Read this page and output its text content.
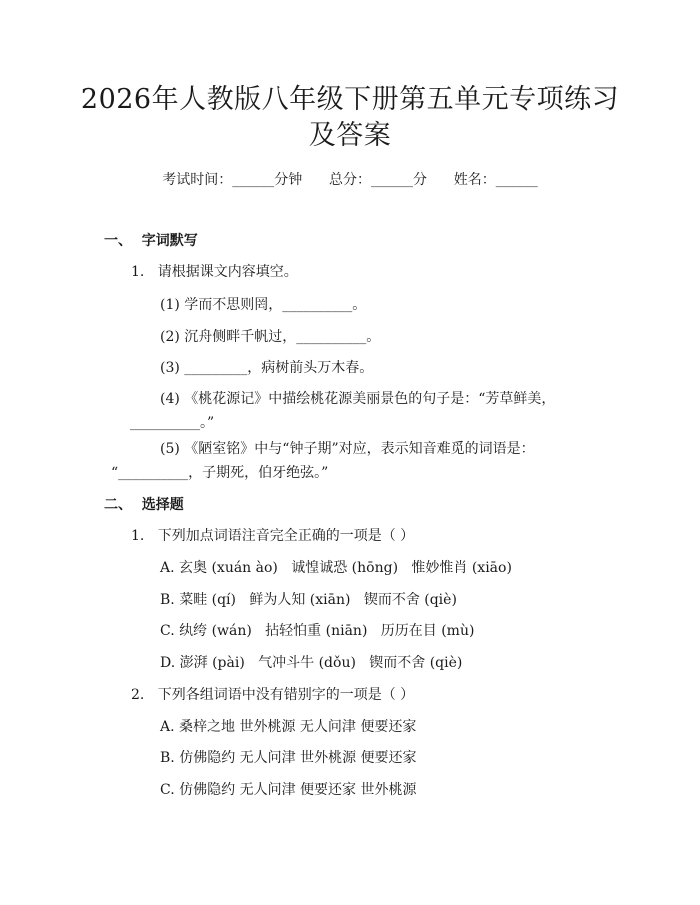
2026年人教版八年级下册第五单元专项练习
及答案
考试时间：______分钟      总分：______分      姓名：______
一、  字词默写
1.   请根据课文内容填空。
(1) 学而不思则罔，__________。
(2) 沉舟侧畔千帆过，__________。
(3) _________，病树前头万木春。
(4) 《桃花源记》中描绘桃花源美丽景色的句子是：“芳草鲜美，
__________。”
(5) 《陋室铭》中与“钟子期”对应，表示知音难觅的词语是：
“__________，子期死，伯牙绝弦。”
二、  选择题
1.   下列加点词语注音完全正确的一项是（ ）
A. 玄奥 (xuán ào)   诚惶诚恐 (hōng)   惟妙惟肖 (xiāo)
B. 菜畦 (qí)   鲜为人知 (xiān)   锲而不舍 (qiè)
C. 纨绔 (wán)   拈轻怕重 (niān)   历历在目 (mù)
D. 澎湃 (pài)   气冲斗牛 (dǒu)   锲而不舍 (qiè)
2.   下列各组词语中没有错别字的一项是（ ）
A. 桑梓之地 世外桃源 无人问津 便要还家
B. 仿佛隐约 无人问津 世外桃源 便要还家
C. 仿佛隐约 无人问津 便要还家 世外桃源
